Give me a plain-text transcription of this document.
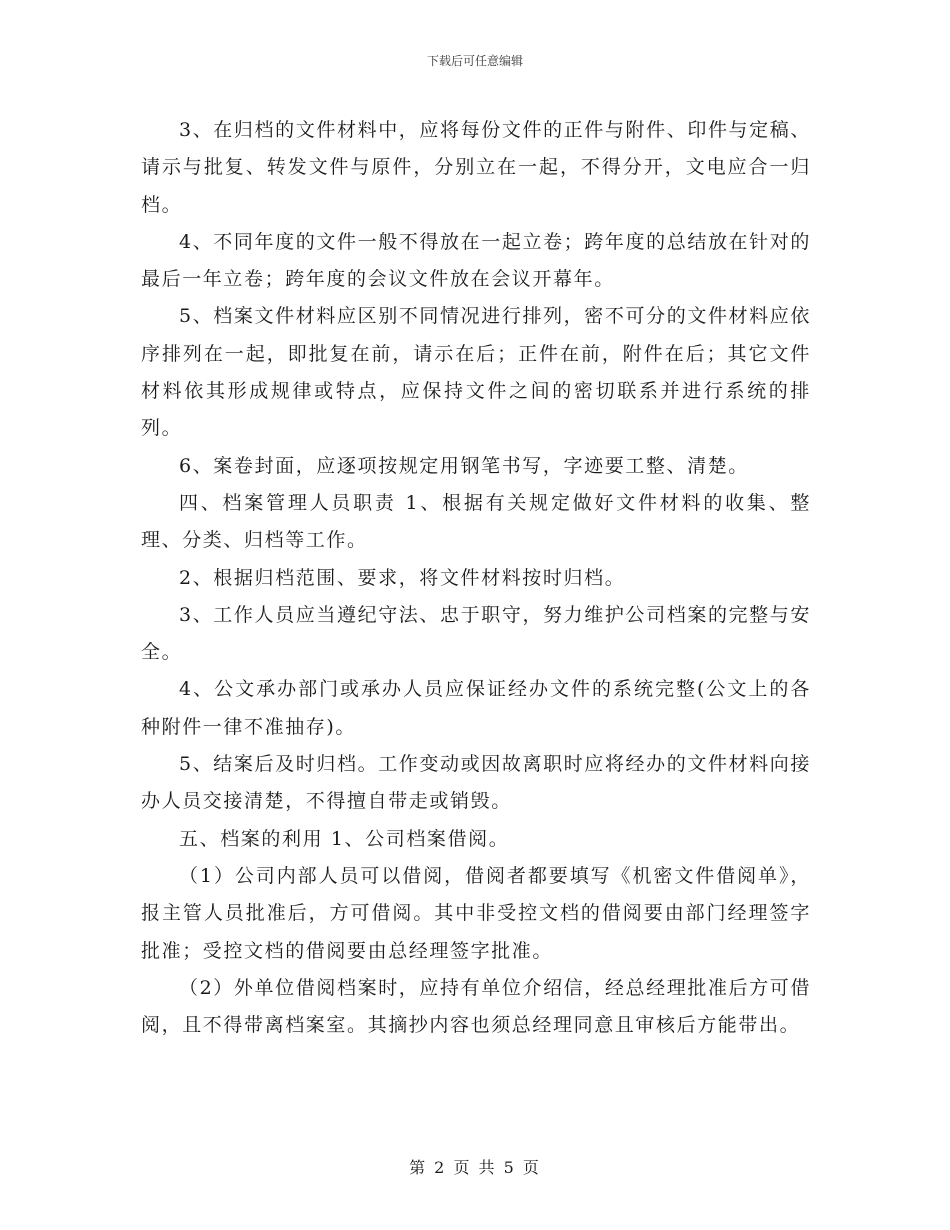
下载后可任意编辑

3、在归档的文件材料中，应将每份文件的正件与附件、印件与定稿、请示与批复、转发文件与原件，分别立在一起，不得分开，文电应合一归档。

4、不同年度的文件一般不得放在一起立卷；跨年度的总结放在针对的最后一年立卷；跨年度的会议文件放在会议开幕年。

5、档案文件材料应区别不同情况进行排列，密不可分的文件材料应依序排列在一起，即批复在前，请示在后；正件在前，附件在后；其它文件材料依其形成规律或特点，应保持文件之间的密切联系并进行系统的排列。

6、案卷封面，应逐项按规定用钢笔书写，字迹要工整、清楚。

四、档案管理人员职责 1、根据有关规定做好文件材料的收集、整理、分类、归档等工作。

2、根据归档范围、要求，将文件材料按时归档。

3、工作人员应当遵纪守法、忠于职守，努力维护公司档案的完整与安全。

4、公文承办部门或承办人员应保证经办文件的系统完整(公文上的各种附件一律不准抽存)。

5、结案后及时归档。工作变动或因故离职时应将经办的文件材料向接办人员交接清楚，不得擅自带走或销毁。

五、档案的利用 1、公司档案借阅。

（1）公司内部人员可以借阅，借阅者都要填写《机密文件借阅单》，报主管人员批准后，方可借阅。其中非受控文档的借阅要由部门经理签字批准；受控文档的借阅要由总经理签字批准。

（2）外单位借阅档案时，应持有单位介绍信，经总经理批准后方可借阅，且不得带离档案室。其摘抄内容也须总经理同意且审核后方能带出。

第 2 页 共 5 页
